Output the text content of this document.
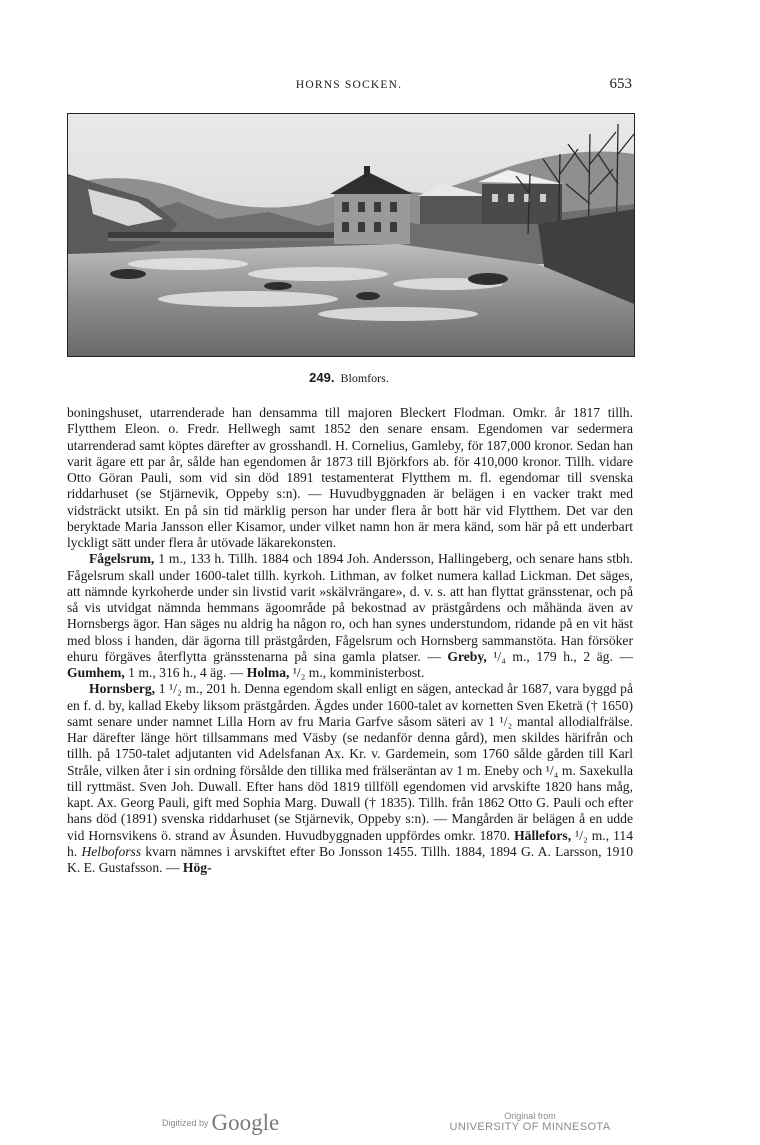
HORNS SOCKEN.	653
249. Blomfors.

boningshuset, utarrenderade han densamma till majoren Bleckert Flodman. Omkr. år 1817 tillh. Flytthem Eleon. o. Fredr. Hellwegh samt 1852 den senare ensam. Egendomen var sedermera utarrenderad samt köptes därefter av grosshandl. H. Cornelius, Gamleby, för 187,000 kronor. Sedan han varit ägare ett par år, sålde han egendomen år 1873 till Björkfors ab. för 410,000 kronor. Tillh. vidare Otto Göran Pauli, som vid sin död 1891 testamenterat Flytthem m. fl. egendomar till svenska riddarhuset (se Stjärnevik, Oppeby s:n). — Huvudbyggnaden är belägen i en vacker trakt med vidsträckt utsikt. En på sin tid märklig person har under flera år bott här vid Flytthem. Det var den beryktade Maria Jansson eller Kisamor, under vilket namn hon är mera känd, som här på ett underbart lyckligt sätt under flera år utövade läkarekonsten.

Fågelsrum, 1 m., 133 h. Tillh. 1884 och 1894 Joh. Andersson, Hallingeberg, och senare hans stbh. Fågelsrum skall under 1600-talet tillh. kyrkoh. Lithman, av folket numera kallad Lickman. Det säges, att nämnde kyrkoherde under sin livstid varit »skälvrängare», d. v. s. att han flyttat gränsstenar, och på så vis utvidgat nämnda hemmans ägoområde på bekostnad av prästgårdens och måhända även av Hornsbergs ägor. Han säges nu aldrig ha någon ro, och han synes understundom, ridande på en vit häst med bloss i handen, där ägorna till prästgården, Fågelsrum och Hornsberg sammanstöta. Han försöker ehuru förgäves återflytta gränsstenarna på sina gamla platser. — Greby, ¹/₄ m., 179 h., 2 äg. — Gumhem, 1 m., 316 h., 4 äg. — Holma, ¹/₂ m., komministerbost.

Hornsberg, 1 ¹/₂ m., 201 h. Denna egendom skall enligt en sägen, anteckad år 1687, vara byggd på en f. d. by, kallad Ekeby liksom prästgården. Ägdes under 1600-talet av kornetten Sven Eketrä († 1650) samt senare under namnet Lilla Horn av fru Maria Garfve såsom säteri av 1 ¹/₂ mantal allodialfrälse. Har därefter länge hört tillsammans med Väsby (se nedanför denna gård), men skildes härifrån och tillh. på 1750-talet adjutanten vid Adelsfanan Ax. Kr. v. Gardemein, som 1760 sålde gården till Karl Stråle, vilken åter i sin ordning försålde den tillika med frälseräntan av 1 m. Eneby och ¹/₄ m. Saxekulla till ryttmäst. Sven Joh. Duwall. Efter hans död 1819 tillföll egendomen vid arvskifte 1820 hans måg, kapt. Ax. Georg Pauli, gift med Sophia Marg. Duwall († 1835). Tillh. från 1862 Otto G. Pauli och efter hans död (1891) svenska riddarhuset (se Stjärnevik, Oppeby s:n). — Mangården är belägen å en udde vid Hornsvikens ö. strand av Åsunden. Huvudbyggnaden uppfördes omkr. 1870. Hällefors, ¹/₂ m., 114 h. Helboforss kvarn nämnes i arvskiftet efter Bo Jonsson 1455. Tillh. 1884, 1894 G. A. Larsson, 1910 K. E. Gustafsson. — Hög-

Digitized by Google	Original from
UNIVERSITY OF MINNESOTA
